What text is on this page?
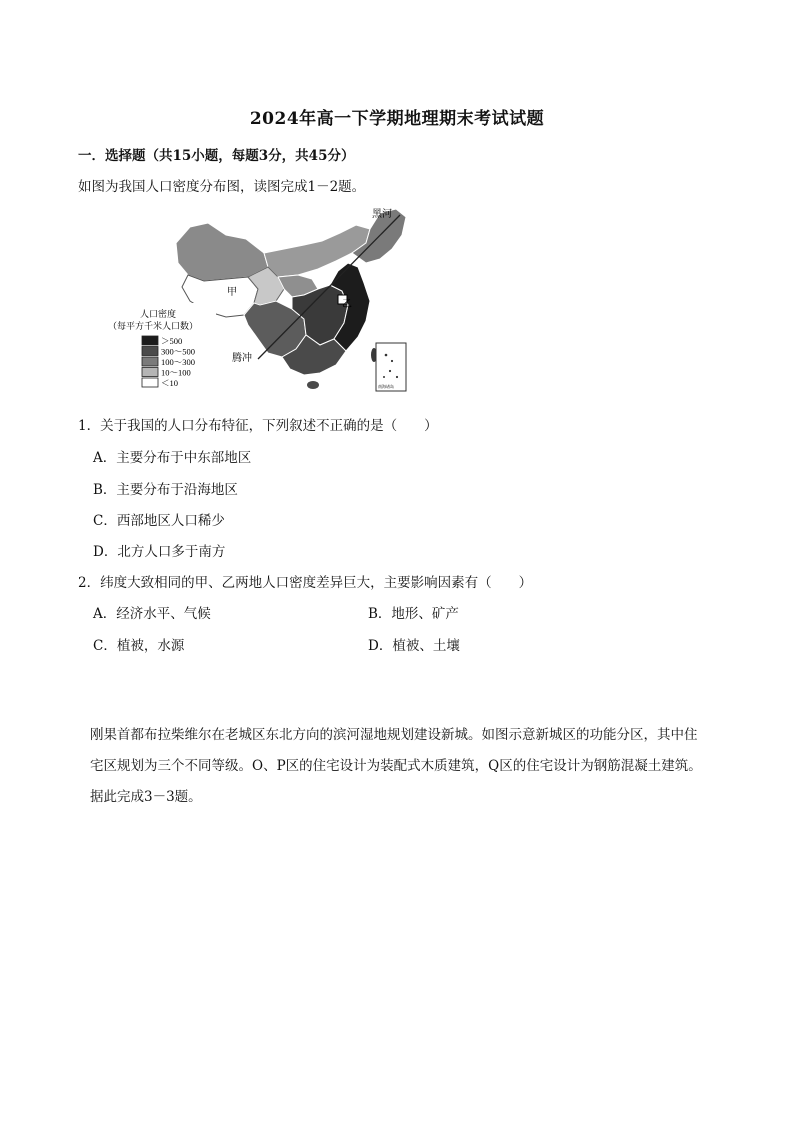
2024年高一下学期地理期末考试试题
一．选择题（共15小题，每题3分，共45分）
如图为我国人口密度分布图，读图完成1－2题。
黑河
甲
乙
腾冲
南海诸岛
人口密度
（每平方千米人口数）
＞500
300～500
100～300
10～100
＜10
1．关于我国的人口分布特征，下列叙述不正确的是（　　）
A．主要分布于中东部地区
B．主要分布于沿海地区
C．西部地区人口稀少
D．北方人口多于南方
2．纬度大致相同的甲、乙两地人口密度差异巨大，主要影响因素有（　　）
A．经济水平、气候	B．地形、矿产
C．植被，水源	D．植被、土壤
刚果首都布拉柴维尔在老城区东北方向的滨河湿地规划建设新城。如图示意新城区的功能分区，其中住
宅区规划为三个不同等级。O、P区的住宅设计为装配式木质建筑，Q区的住宅设计为钢筋混凝土建筑。
据此完成3－3题。
